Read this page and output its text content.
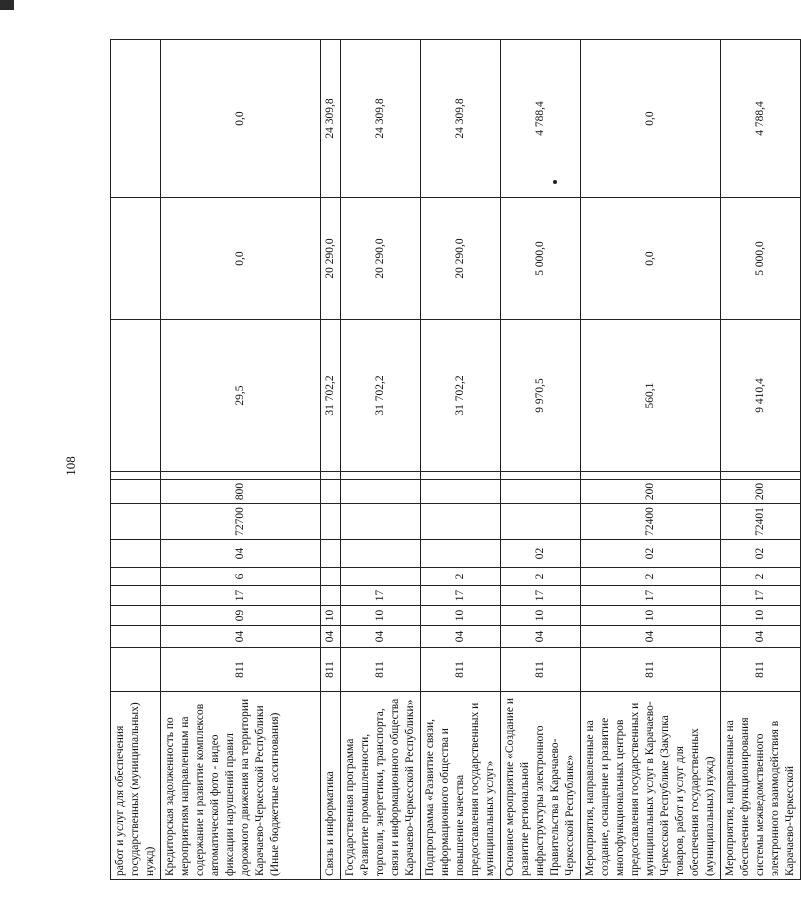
108
работ и услуг для обеспечения государственных (муниципальных) нужд)												
Кредиторская задолженность по мероприятиям направленным на содержание и развитие комплексов автоматической фото - видео фиксации нарушений правил дорожного движения на территории Карачаево-Черкесской Республики (Иные бюджетные ассигнования)	811	04	09	17	6	04	72700	800		29,5	0,0	0,0
Связь и информатика	811	04	10							31 702,2	20 290,0	24 309,8
Государственная программа «Развитие промышленности, торговли, энергетики, транспорта, связи и информационного общества Карачаево-Черкесской Республики»	811	04	10	17						31 702,2	20 290,0	24 309,8
Подпрограмма «Развитие связи, информационного общества и повышение качества предоставления государственных и муниципальных услуг»	811	04	10	17	2					31 702,2	20 290,0	24 309,8
Основное мероприятие «Создание и развитие региональной инфраструктуры электронного Правительства в Карачаево-Черкесской Республике»	811	04	10	17	2	02				9 970,5	5 000,0	4 788,4
Мероприятия, направленные на создание, оснащение и развитие многофункциональных центров предоставления государственных и муниципальных услуг в Карачаево-Черкесской Республике (Закупка товаров, работ и услуг для обеспечения государственных (муниципальных) нужд)	811	04	10	17	2	02	72400	200		560,1	0,0	0,0
Мероприятия, направленные на обеспечение функционирования системы межведомственного электронного взаимодействия в Карачаево-Черкесской	811	04	10	17	2	02	72401	200		9 410,4	5 000,0	4 788,4
